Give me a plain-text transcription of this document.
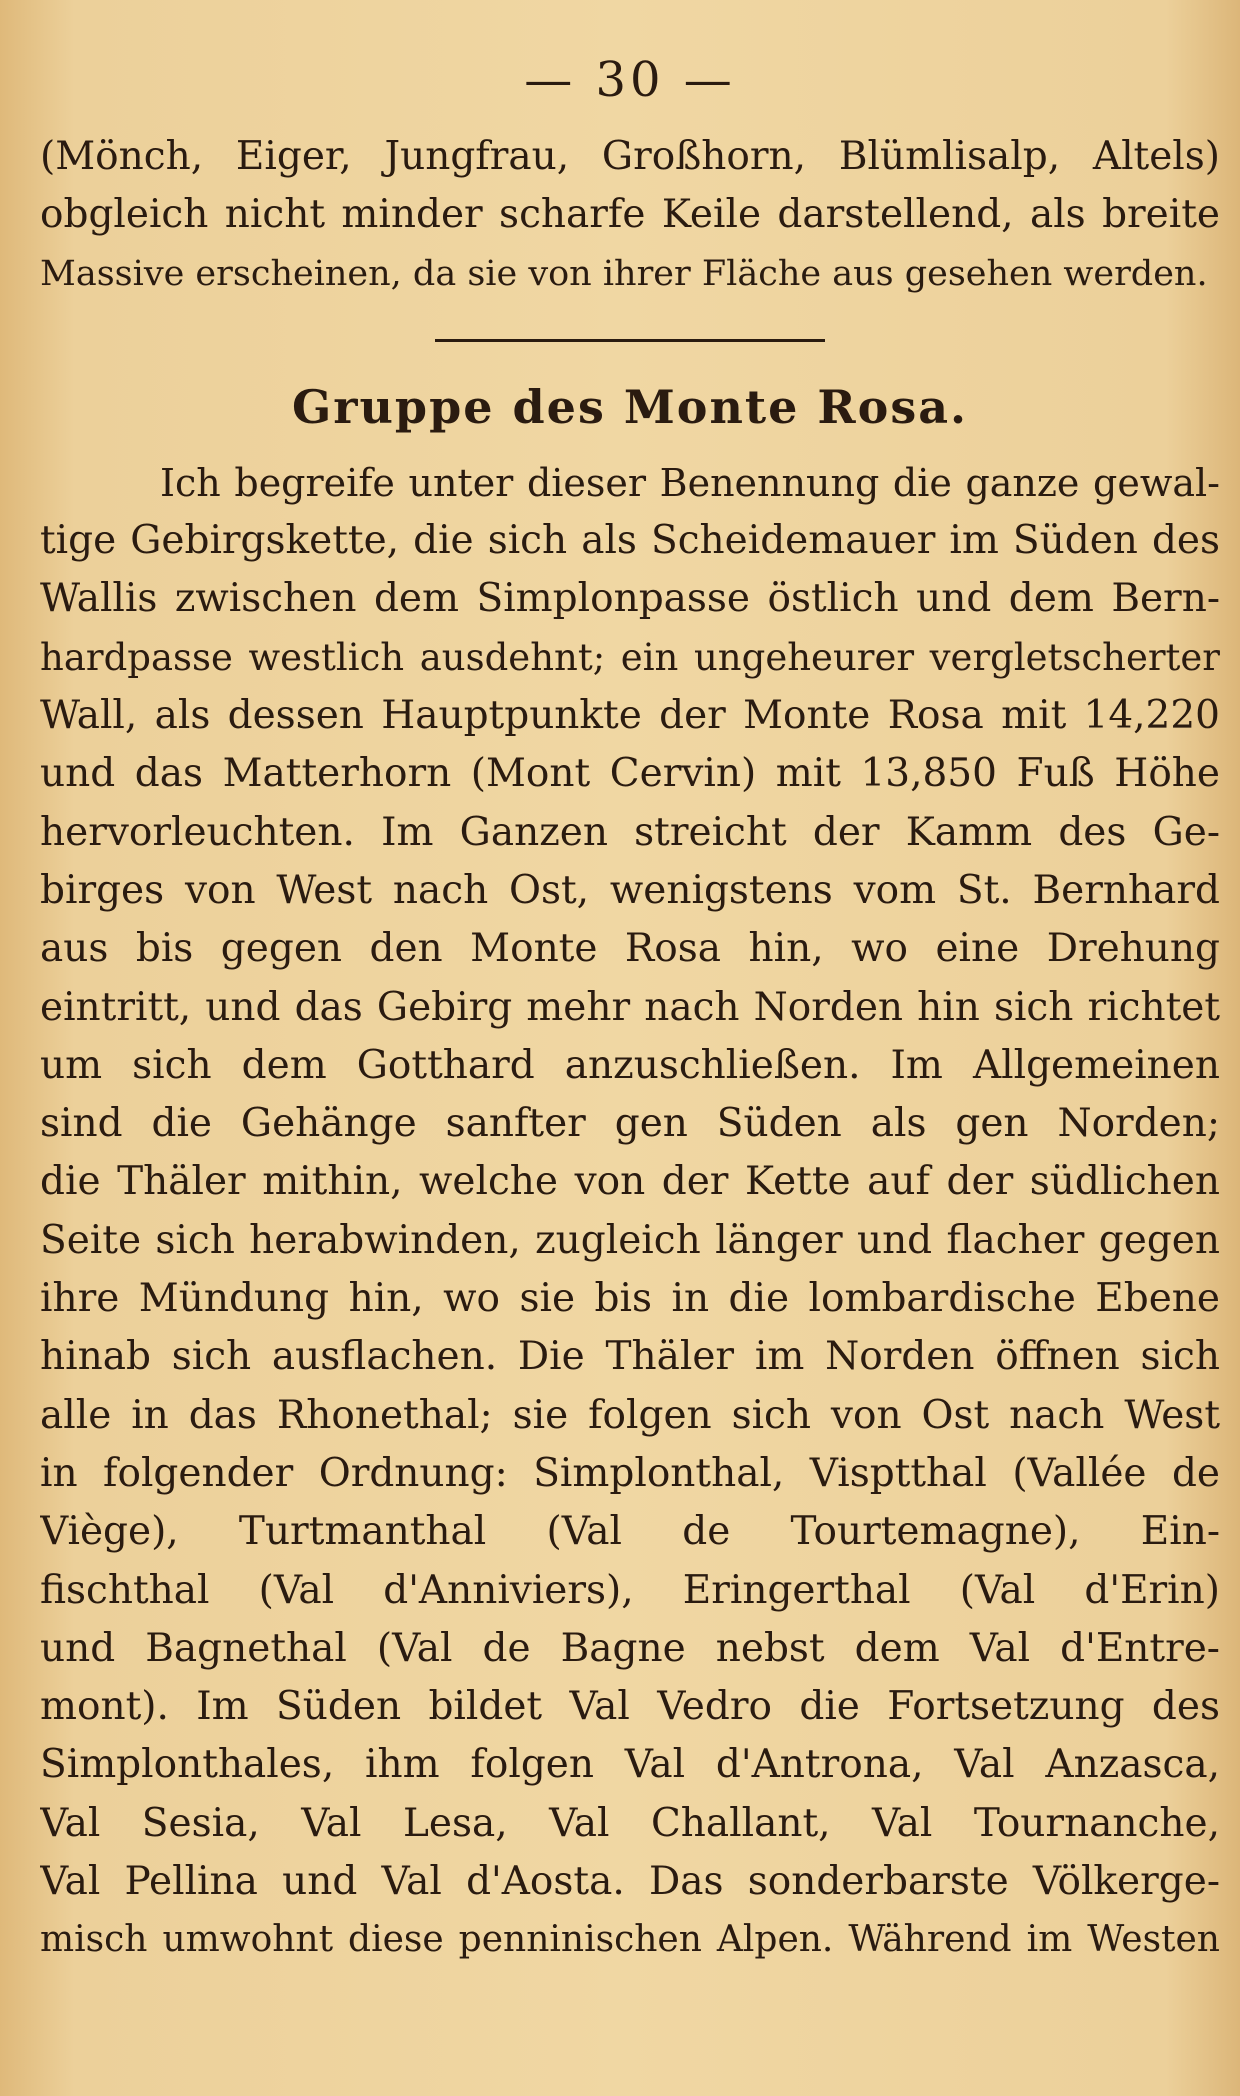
— 30 —
(Mönch, Eiger, Jungfrau, Großhorn, Blümlisalp, Altels)
obgleich nicht minder scharfe Keile darstellend, als breite
Massive erscheinen, da sie von ihrer Fläche aus gesehen werden.
Gruppe des Monte Rosa.
Ich begreife unter dieser Benennung die ganze gewal-
tige Gebirgskette, die sich als Scheidemauer im Süden des
Wallis zwischen dem Simplonpasse östlich und dem Bern-
hardpasse westlich ausdehnt; ein ungeheurer vergletscherter
Wall, als dessen Hauptpunkte der Monte Rosa mit 14,220
und das Matterhorn (Mont Cervin) mit 13,850 Fuß Höhe
hervorleuchten. Im Ganzen streicht der Kamm des Ge-
birges von West nach Ost, wenigstens vom St. Bernhard
aus bis gegen den Monte Rosa hin, wo eine Drehung
eintritt, und das Gebirg mehr nach Norden hin sich richtet
um sich dem Gotthard anzuschließen. Im Allgemeinen
sind die Gehänge sanfter gen Süden als gen Norden;
die Thäler mithin, welche von der Kette auf der südlichen
Seite sich herabwinden, zugleich länger und flacher gegen
ihre Mündung hin, wo sie bis in die lombardische Ebene
hinab sich ausflachen. Die Thäler im Norden öffnen sich
alle in das Rhonethal; sie folgen sich von Ost nach West
in folgender Ordnung: Simplonthal, Visptthal (Vallée de
Viège), Turtmanthal (Val de Tourtemagne), Ein-
fischthal (Val d'Anniviers), Eringerthal (Val d'Erin)
und Bagnethal (Val de Bagne nebst dem Val d'Entre-
mont). Im Süden bildet Val Vedro die Fortsetzung des
Simplonthales, ihm folgen Val d'Antrona, Val Anzasca,
Val Sesia, Val Lesa, Val Challant, Val Tournanche,
Val Pellina und Val d'Aosta. Das sonderbarste Völkerge-
misch umwohnt diese penninischen Alpen. Während im Westen
